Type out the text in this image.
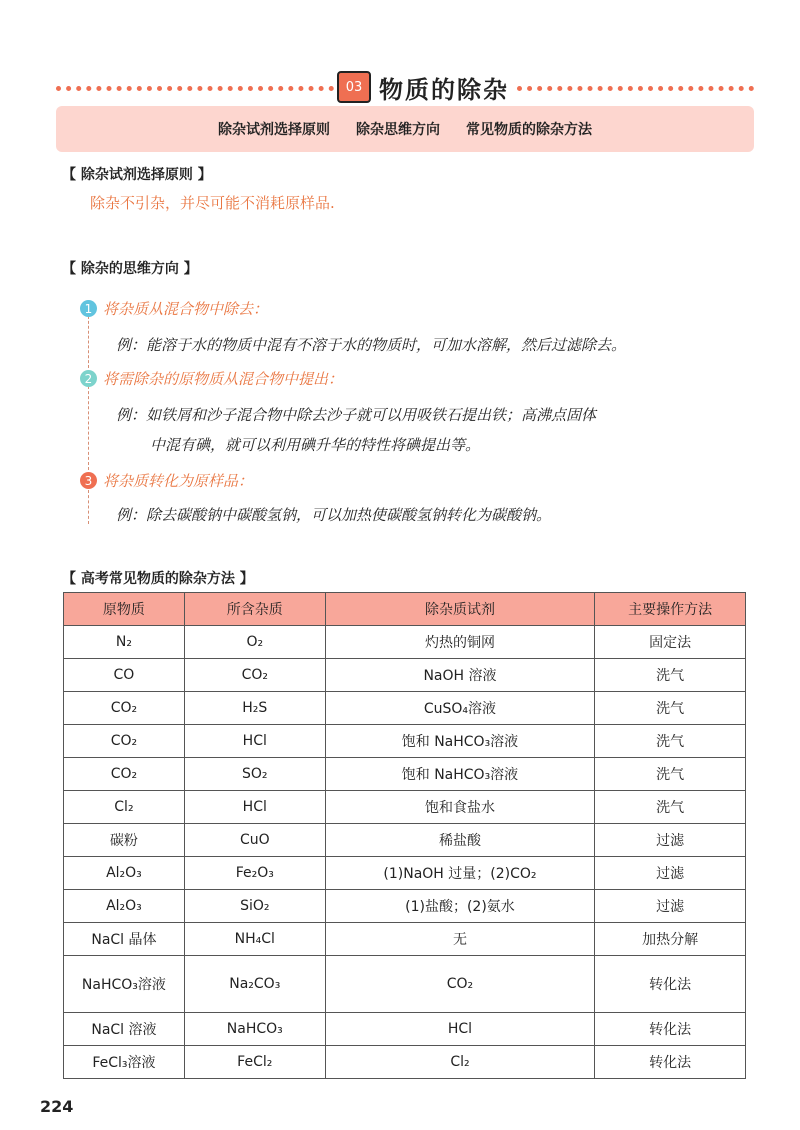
03 物质的除杂
除杂试剂选择原则 除杂思维方向 常见物质的除杂方法
【 除杂试剂选择原则 】
除杂不引杂，并尽可能不消耗原样品.
【 除杂的思维方向 】
1 将杂质从混合物中除去：
例：能溶于水的物质中混有不溶于水的物质时，可加水溶解，然后过滤除去。
2 将需除杂的原物质从混合物中提出：
例：如铁屑和沙子混合物中除去沙子就可以用吸铁石提出铁；高沸点固体
中混有碘，就可以利用碘升华的特性将碘提出等。
3 将杂质转化为原样品：
例：除去碳酸钠中碳酸氢钠，可以加热使碳酸氢钠转化为碳酸钠。
【 高考常见物质的除杂方法 】
原物质	所含杂质	除杂质试剂	主要操作方法
N₂	O₂	灼热的铜网	固定法
CO	CO₂	NaOH 溶液	洗气
CO₂	H₂S	CuSO₄溶液	洗气
CO₂	HCl	饱和 NaHCO₃溶液	洗气
CO₂	SO₂	饱和 NaHCO₃溶液	洗气
Cl₂	HCl	饱和食盐水	洗气
碳粉	CuO	稀盐酸	过滤
Al₂O₃	Fe₂O₃	(1)NaOH 过量；(2)CO₂	过滤
Al₂O₃	SiO₂	(1)盐酸；(2)氨水	过滤
NaCl 晶体	NH₄Cl	无	加热分解
NaHCO₃溶液	Na₂CO₃	CO₂	转化法
NaCl 溶液	NaHCO₃	HCl	转化法
FeCl₃溶液	FeCl₂	Cl₂	转化法
224
